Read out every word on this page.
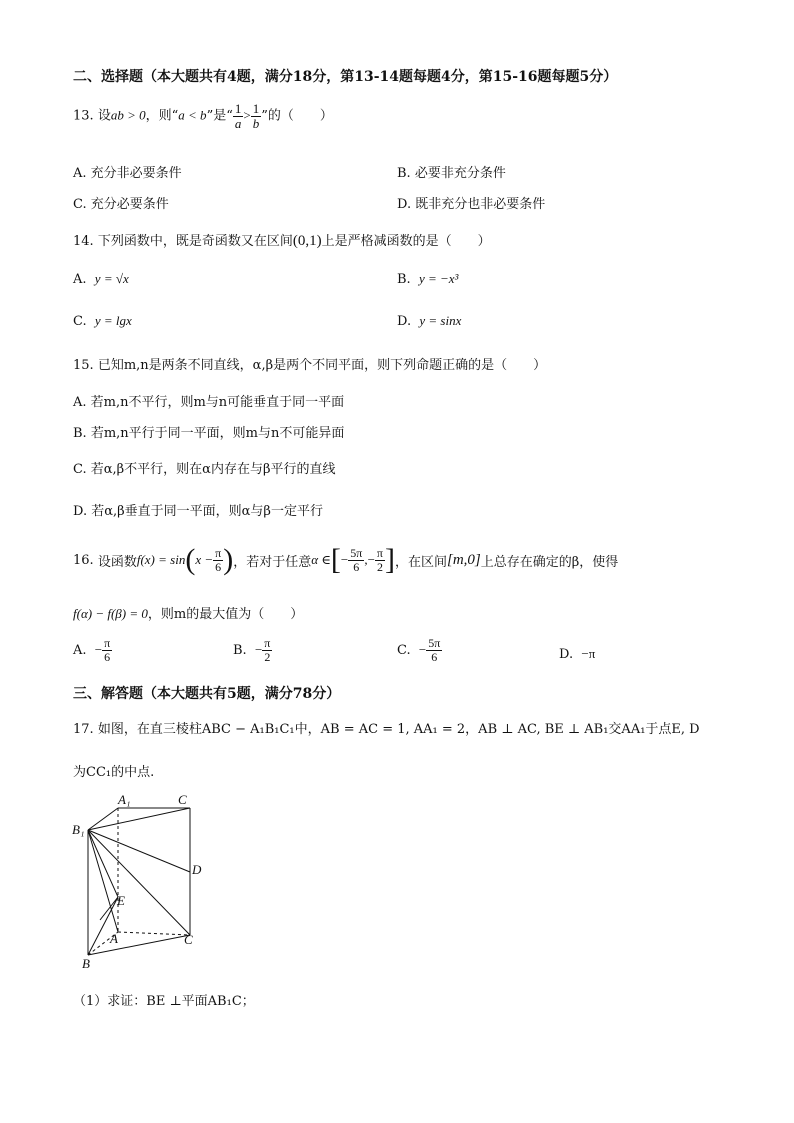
二、选择题（本大题共有4题，满分18分，第13-14题每题4分，第15-16题每题5分）
13. 设ab > 0，则“a < b”是“ $\frac{1}{a} > \frac{1}{b}$ ”的（　　）
A. 充分非必要条件	B. 必要非充分条件
C. 充分必要条件	D. 既非充分也非必要条件
14. 下列函数中，既是奇函数又在区间(0,1)上是严格减函数的是（　　）
A. y = √x	B. y = −x³
C. y = lgx	D. y = sinx
15. 已知m,n是两条不同直线，α,β是两个不同平面，则下列命题正确的是（　　）
A. 若m,n不平行，则m与n可能垂直于同一平面
B. 若m,n平行于同一平面，则m与n不可能异面
C. 若α,β不平行，则在α内存在与β平行的直线
D. 若α,β垂直于同一平面，则α与β一定平行
16.
设函数 f(x) = sin ( $x - \frac{\pi}{6}$ ) ，若对于任意 α ∈ [ − $\frac{5\pi}{6}$ , − $\frac{\pi}{2}$ ] ，在区间 [m,0] 上总存在确定的β，使得
f(α) − f(β) = 0，则m的最大值为（　　）
A.
− $\frac{\pi}{6}$	B.
− $\frac{\pi}{2}$	C.
− $\frac{5\pi}{6}$	D. −π
三、解答题（本大题共有5题，满分78分）
17. 如图，在直三棱柱ABC − A₁B₁C₁中，AB = AC = 1, AA₁ = 2，AB ⊥ AC, BE ⊥ AB₁交AA₁于点E, D
为CC₁的中点.
A₁	C
B₁
D
E
A	C
B
（1）求证：BE ⊥平面AB₁C；
